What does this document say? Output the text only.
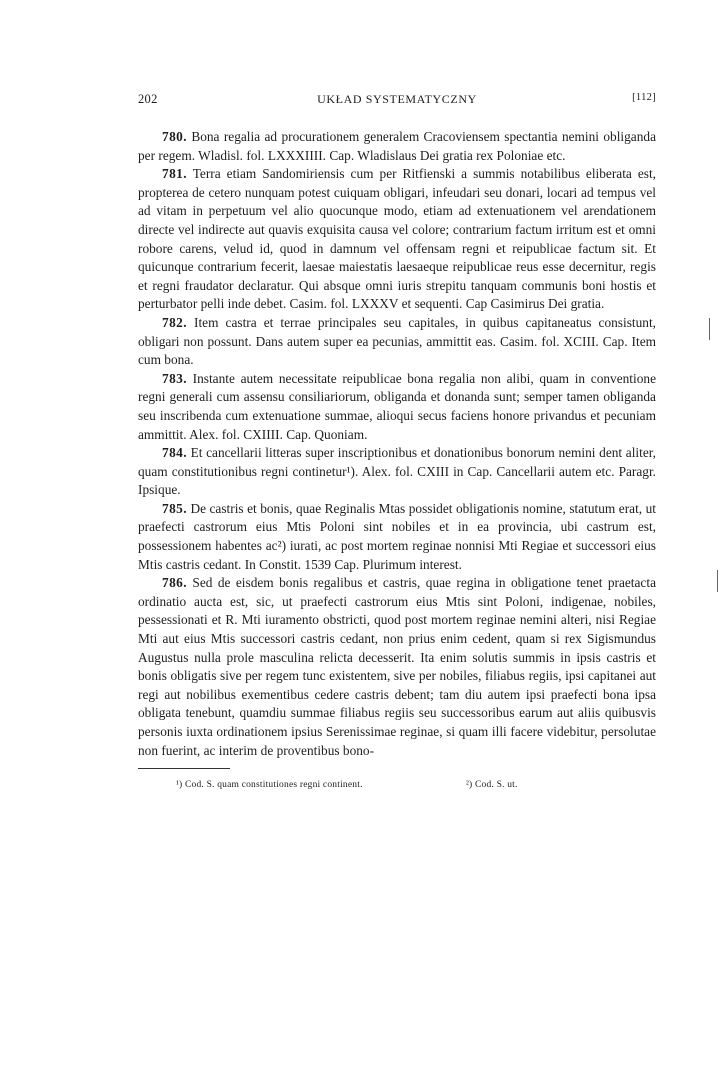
202	UKŁAD SYSTEMATYCZNY	[112]

780. Bona regalia ad procurationem generalem Cracoviensem spectantia nemini obliganda per regem. Wladisl. fol. LXXXIIII. Cap. Wladislaus Dei gratia rex Poloniae etc.

781. Terra etiam Sandomiriensis cum per Ritfienski a summis notabilibus eliberata est, propterea de cetero nunquam potest cuiquam obligari, infeudari seu donari, locari ad tempus vel ad vitam in perpetuum vel alio quocunque modo, etiam ad extenuationem vel arendationem directe vel indirecte aut quavis exquisita causa vel colore; contrarium factum irritum est et omni robore carens, velud id, quod in damnum vel offensam regni et reipublicae factum sit. Et quicunque contrarium fecerit, laesae maiestatis laesaeque reipublicae reus esse decernitur, regis et regni fraudator declaratur. Qui absque omni iuris strepitu tanquam communis boni hostis et perturbator pelli inde debet. Casim. fol. LXXXV et sequenti. Cap Casimirus Dei gratia.

782. Item castra et terrae principales seu capitales, in quibus capitaneatus consistunt, obligari non possunt. Dans autem super ea pecunias, ammittit eas. Casim. fol. XCIII. Cap. Item cum bona.

783. Instante autem necessitate reipublicae bona regalia non alibi, quam in conventione regni generali cum assensu consiliariorum, obliganda et donanda sunt; semper tamen obliganda seu inscribenda cum extenuatione summae, alioqui secus faciens honore privandus et pecuniam ammittit. Alex. fol. CXIIII. Cap. Quoniam.

784. Et cancellarii litteras super inscriptionibus et donationibus bonorum nemini dent aliter, quam constitutionibus regni continetur¹). Alex. fol. CXIII in Cap. Cancellarii autem etc. Paragr. Ipsique.

785. De castris et bonis, quae Reginalis Mtas possidet obligationis nomine, statutum erat, ut praefecti castrorum eius Mtis Poloni sint nobiles et in ea provincia, ubi castrum est, possessionem habentes ac²) iurati, ac post mortem reginae nonnisi Mti Regiae et successori eius Mtis castris cedant. In Constit. 1539 Cap. Plurimum interest.

786. Sed de eisdem bonis regalibus et castris, quae regina in obligatione tenet praetacta ordinatio aucta est, sic, ut praefecti castrorum eius Mtis sint Poloni, indigenae, nobiles, pessessionati et R. Mti iuramento obstricti, quod post mortem reginae nemini alteri, nisi Regiae Mti aut eius Mtis successori castris cedant, non prius enim cedent, quam si rex Sigismundus Augustus nulla prole masculina relicta decesserit. Ita enim solutis summis in ipsis castris et bonis obligatis sive per regem tunc existentem, sive per nobiles, filiabus regiis, ipsi capitanei aut regi aut nobilibus exementibus cedere castris debent; tam diu autem ipsi praefecti bona ipsa obligata tenebunt, quamdiu summae filiabus regiis seu successoribus earum aut aliis quibusvis personis iuxta ordinationem ipsius Serenissimae reginae, si quam illi facere videbitur, persolutae non fuerint, ac interim de proventibus bono-

¹) Cod. S. quam constitutiones regni continent.	²) Cod. S. ut.
